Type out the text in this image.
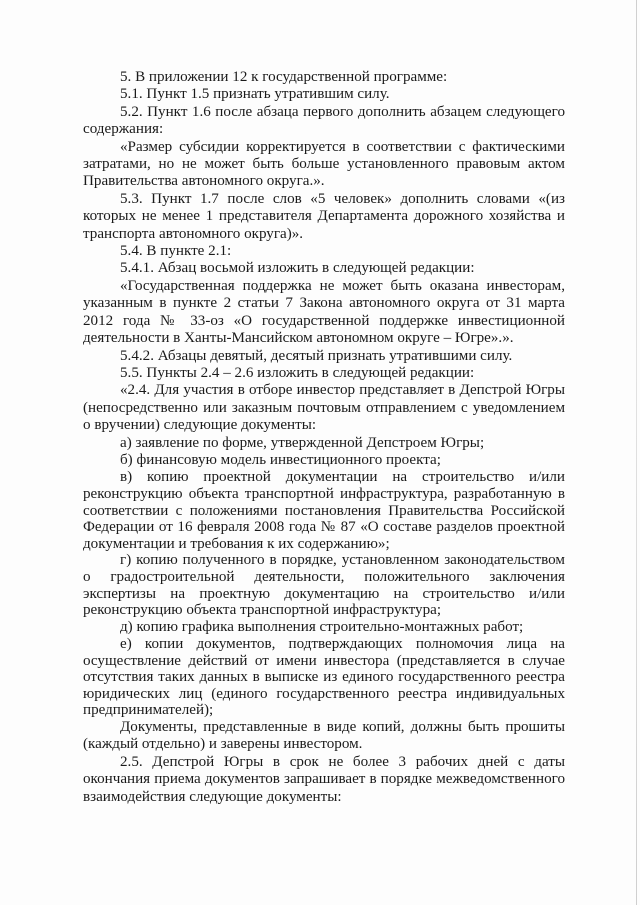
5. В приложении 12 к государственной программе:

5.1. Пункт 1.5 признать утратившим силу.

5.2. Пункт 1.6 после абзаца первого дополнить абзацем следующего содержания:

«Размер субсидии корректируется в соответствии с фактическими затратами, но не может быть больше установленного правовым актом Правительства автономного округа.».

5.3. Пункт 1.7 после слов «5 человек» дополнить словами «(из которых не менее 1 представителя Департамента дорожного хозяйства и транспорта автономного округа)».

5.4. В пункте 2.1:

5.4.1. Абзац восьмой изложить в следующей редакции:

«Государственная поддержка не может быть оказана инвесторам, указанным в пункте 2 статьи 7 Закона автономного округа от 31 марта 2012 года № 33-оз «О государственной поддержке инвестиционной деятельности в Ханты-Мансийском автономном округе – Югре».».

5.4.2. Абзацы девятый, десятый признать утратившими силу.

5.5. Пункты 2.4 – 2.6 изложить в следующей редакции:

«2.4. Для участия в отборе инвестор представляет в Депстрой Югры (непосредственно или заказным почтовым отправлением с уведомлением о вручении) следующие документы:

а) заявление по форме, утвержденной Депстроем Югры;

б) финансовую модель инвестиционного проекта;

в) копию проектной документации на строительство и/или реконструкцию объекта транспортной инфраструктура, разработанную в соответствии с положениями постановления Правительства Российской Федерации от 16 февраля 2008 года № 87 «О составе разделов проектной документации и требования к их содержанию»;

г) копию полученного в порядке, установленном законодательством о градостроительной деятельности, положительного заключения экспертизы на проектную документацию на строительство и/или реконструкцию объекта транспортной инфраструктура;

д) копию графика выполнения строительно-монтажных работ;

е) копии документов, подтверждающих полномочия лица на осуществление действий от имени инвестора (представляется в случае отсутствия таких данных в выписке из единого государственного реестра юридических лиц (единого государственного реестра индивидуальных предпринимателей);

Документы, представленные в виде копий, должны быть прошиты (каждый отдельно) и заверены инвестором.

2.5. Депстрой Югры в срок не более 3 рабочих дней с даты окончания приема документов запрашивает в порядке межведомственного взаимодействия следующие документы:
